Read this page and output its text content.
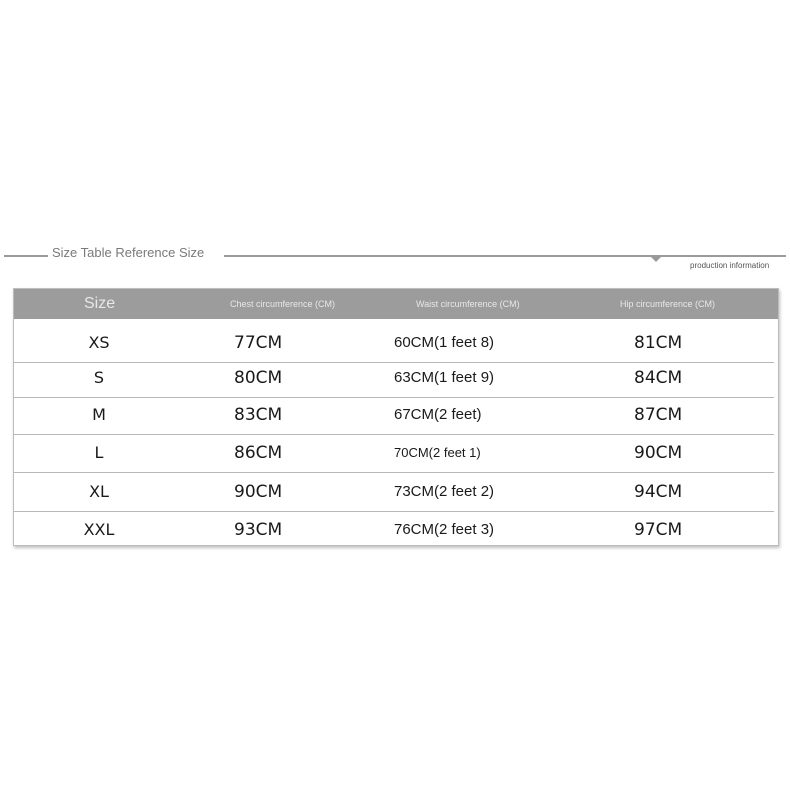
Size Table Reference Size
production information
Size	Chest circumference (CM)	Waist circumference (CM)	Hip circumference (CM)
XS	77CM	60CM(1 feet 8)	81CM
S	80CM	63CM(1 feet 9)	84CM
M	83CM	67CM(2 feet)	87CM
L	86CM	70CM(2 feet 1)	90CM
XL	90CM	73CM(2 feet 2)	94CM
XXL	93CM	76CM(2 feet 3)	97CM
